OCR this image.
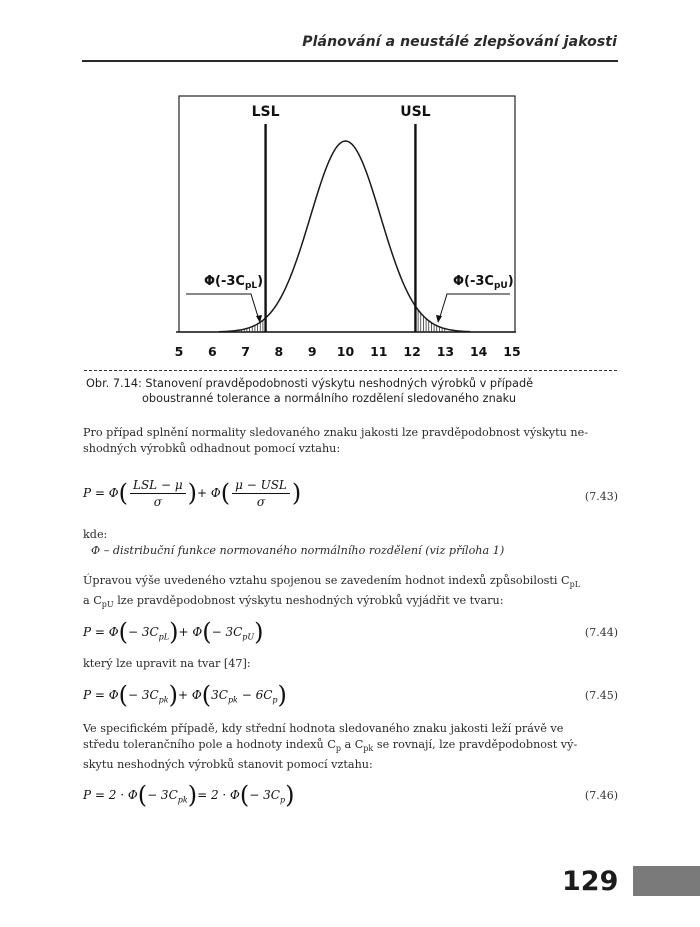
Plánování a neustálé zlepšování jakosti
LSL	USL
5 6 7 8 9 10 11 12 13 14 15
$\Phi(-3C_{pL})$	$\Phi(-3C_{pU})$
Obr. 7.14: Stanovení pravděpodobnosti výskytu neshodných výrobků v případě
oboustranné tolerance a normálního rozdělení sledovaného znaku
Pro případ splnění normality sledovaného znaku jakosti lze pravděpodobnost výskytu ne-
shodných výrobků odhadnout pomocí vztahu:
$P = \Phi( \frac{\text{LSL − μ}}{\sigma}$ )+ $\Phi( \frac{\text{μ − USL}}{\sigma}$ )	(7.43)
kde:
Φ – distribuční funkce normovaného normálního rozdělení (viz příloha 1)
Úpravou výše uvedeného vztahu spojenou se zavedením hodnot indexů způsobilosti $C_{pL}$
a $C_{pU}$ lze pravděpodobnost výskytu neshodných výrobků vyjádřit ve tvaru:
$P = \Phi(- 3C_{pL})+ \Phi(- 3C_{pU})$	(7.44)
který lze upravit na tvar [47]:
$P = \Phi(- 3C_{pk})+ \Phi(3C_{pk} - 6C_p)$	(7.45)
Ve specifickém případě, kdy střední hodnota sledovaného znaku jakosti leží právě ve
středu tolerančního pole a hodnoty indexů $C_p$ a $C_{pk}$ se rovnají, lze pravděpodobnost vý-
skytu neshodných výrobků stanovit pomocí vztahu:
$P = 2 \cdot \Phi(- 3C_{pk})= 2 \cdot \Phi(- 3C_p)$	(7.46)
129
